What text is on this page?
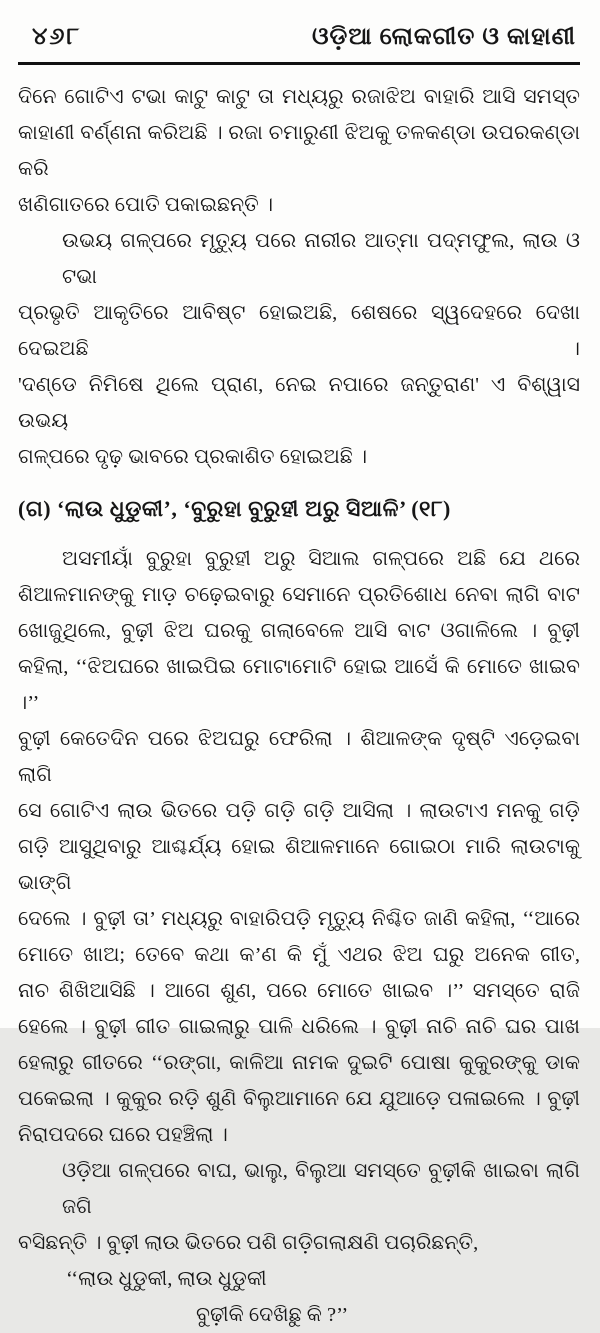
୪୬୮	ଓଡ଼ିଆ ଲୋକଗୀତ ଓ କାହାଣୀ
ଦିନେ ଗୋଟିଏ ଟଭା କାଟୁ କାଟୁ ତା ମଧ୍ୟରୁ ରଜାଝିଅ ବାହାରି ଆସି ସମସ୍ତ
କାହାଣୀ ବର୍ଣ୍ଣନା କରିଅଛି । ରଜା ଚମାରୁଣୀ ଝିଅକୁ ତଳକଣ୍ଡା ଉପରକଣ୍ଡା କରି
ଖଣିଗାତରେ ପୋତି ପକାଇଛନ୍ତି ।
ଉଭୟ ଗଳ୍ପରେ ମୃତ୍ୟୁ ପରେ ନାରୀର ଆତ୍ମା ପଦ୍ମଫୁଲ, ଲାଉ ଓ ଟଭା
ପ୍ରଭୃତି ଆକୃତିରେ ଆବିଷ୍ଟ ହୋଇଅଛି, ଶେଷରେ ସ୍ୱଦେହରେ ଦେଖା ଦେଇଅଛି ।
'ଦଣ୍ଡେ ନିମିଷେ ଥିଲେ ପ୍ରାଣ, ନେଇ ନପାରେ ଜନ୍ତୁରାଣ' ଏ ବିଶ୍ୱାସ ଉଭୟ
ଗଳ୍ପରେ ଦୃଢ଼ ଭାବରେ ପ୍ରକାଶିତ ହୋଇଅଛି ।
(ଗ) ‘ଲାଉ ଧୁଡୁକୀ’, ‘ବୁରୁହା ବୁରୁହୀ ଅରୁ ସିଆଳି’ (୧୮)
ଅସମୀୟାଁ ବୁରୁହା ବୁରୁହୀ ଅରୁ ସିଆଲ ଗଳ୍ପରେ ଅଛି ଯେ ଥରେ
ଶିଆଳମାନଙ୍କୁ ମାଡ଼ ଚଢ଼େଇବାରୁ ସେମାନେ ପ୍ରତିଶୋଧ ନେବା ଲାଗି ବାଟ
ଖୋଜୁଥିଲେ, ବୁଢ଼ୀ ଝିଅ ଘରକୁ ଗଲାବେଳେ ଆସି ବାଟ ଓଗାଳିଲେ । ବୁଢ଼ୀ
କହିଲା, ‘‘ଝିଅଘରେ ଖାଇପିଇ ମୋଟାମୋଟି ହୋଇ ଆସେଁ କି ମୋତେ ଖାଇବ ।’’
ବୁଢ଼ୀ କେତେଦିନ ପରେ ଝିଅଘରୁ ଫେରିଲା । ଶିଆଳଙ୍କ ଦୃଷ୍ଟି ଏଡ଼େଇବା ଲାଗି
ସେ ଗୋଟିଏ ଲାଉ ଭିତରେ ପଡ଼ି ଗଡ଼ି ଗଡ଼ି ଆସିଲା । ଲାଉଟାଏ ମନକୁ ଗଡ଼ି
ଗଡ଼ି ଆସୁଥିବାରୁ ଆଶ୍ଚର୍ଯ୍ୟ ହୋଇ ଶିଆଳମାନେ ଗୋଇଠା ମାରି ଲାଉଟାକୁ ଭାଙ୍ଗି
ଦେଲେ । ବୁଢ଼ୀ ତା’ ମଧ୍ୟରୁ ବାହାରିପଡ଼ି ମୃତ୍ୟୁ ନିଶ୍ଚିତ ଜାଣି କହିଲା, ‘‘ଆରେ
ମୋତେ ଖାଅ; ତେବେ କଥା କ’ଣ କି ମୁଁ ଏଥର ଝିଅ ଘରୁ ଅନେକ ଗୀତ,
ନାଚ ଶିଖିଆସିଛି । ଆଗେ ଶୁଣ, ପରେ ମୋତେ ଖାଇବ ।’’ ସମସ୍ତେ ରାଜି
ହେଲେ । ବୁଢ଼ୀ ଗୀତ ଗାଇଲାରୁ ପାଳି ଧରିଲେ । ବୁଢ଼ୀ ନାଚି ନାଚି ଘର ପାଖ
ହେଲାରୁ ଗୀତରେ ‘‘ରଙ୍ଗା, କାଳିଆ ନାମକ ଦୁଇଟି ପୋଷା କୁକୁରଙ୍କୁ ଡାକ
ପକେଇଲା । କୁକୁର ରଡ଼ି ଶୁଣି ବିଲୁଆମାନେ ଯେ ଯୁଆଡ଼େ ପଳାଇଲେ । ବୁଢ଼ୀ
ନିରାପଦରେ ଘରେ ପହଞ୍ଚିଲା ।
ଓଡ଼ିଆ ଗଳ୍ପରେ ବାଘ, ଭାଲୁ, ବିଲୁଆ ସମସ୍ତେ ବୁଢ଼ୀକି ଖାଇବା ଲାଗି ଜଗି
ବସିଛନ୍ତି । ବୁଢ଼ୀ ଲାଉ ଭିତରେ ପଶି ଗଡ଼ିଗଲାକ୍ଷଣି ପଚାରିଛନ୍ତି,
‘‘ଲାଉ ଧୁଡୁକୀ, ଲାଉ ଧୁଡୁକୀ
ବୁଢ଼ୀକି ଦେଖିଛୁ କି ?’’
